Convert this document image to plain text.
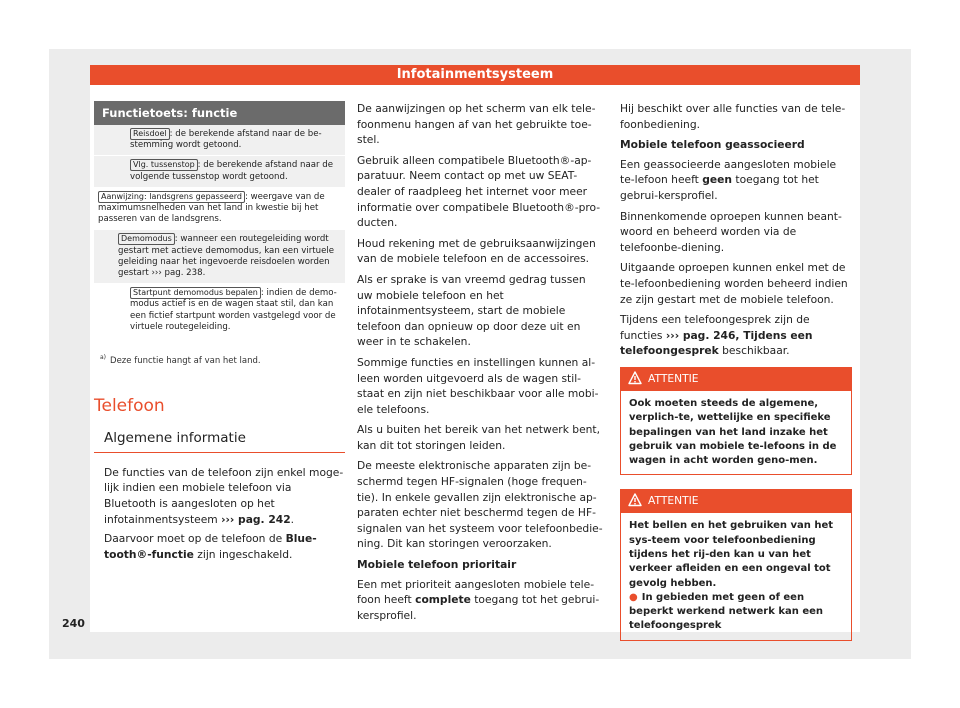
Infotainmentsysteem
Functietoets: functie
Reisdoel : de berekende afstand naar de be-stemming wordt getoond.
Vlg. tussenstop : de berekende afstand naar de volgende tussenstop wordt getoond.
Aanwijzing: landsgrens gepasseerd : weergave van de maximumsnelheden van het land in kwestie bij het passeren van de landsgrens.
Demomodus : wanneer een routegeleiding wordt gestart met actieve demomodus, kan een virtuele geleiding naar het ingevoerde reisdoelen worden gestart ››› pag. 238.
Startpunt demomodus bepalen : indien de demo-modus actief is en de wagen staat stil, dan kan een fictief startpunt worden vastgelegd voor de virtuele routegeleiding.
$^{a)}$ Deze functie hangt af van het land.
Telefoon
Algemene informatie
De functies van de telefoon zijn enkel moge-lijk indien een mobiele telefoon via Bluetooth is aangesloten op het infotainmentsysteem ››› pag. 242.
Daarvoor moet op de telefoon de Blue-tooth®-functie zijn ingeschakeld.

De aanwijzingen op het scherm van elk tele-foonmenu hangen af van het gebruikte toe-stel.

Gebruik alleen compatibele Bluetooth®-ap-paratuur. Neem contact op met uw SEAT-dealer of raadpleeg het internet voor meer informatie over compatibele Bluetooth®-pro-ducten.

Houd rekening met de gebruiksaanwijzingen van de mobiele telefoon en de accessoires.

Als er sprake is van vreemd gedrag tussen uw mobiele telefoon en het infotainmentsysteem, start de mobiele telefoon dan opnieuw op door deze uit en weer in te schakelen.

Sommige functies en instellingen kunnen al-leen worden uitgevoerd als de wagen stil-staat en zijn niet beschikbaar voor alle mobi-ele telefoons.

Als u buiten het bereik van het netwerk bent, kan dit tot storingen leiden.

De meeste elektronische apparaten zijn be-schermd tegen HF-signalen (hoge frequen-tie). In enkele gevallen zijn elektronische ap-paraten echter niet beschermd tegen de HF-signalen van het systeem voor telefoonbedie-ning. Dit kan storingen veroorzaken.

Mobiele telefoon prioritair

Een met prioriteit aangesloten mobiele tele-foon heeft complete toegang tot het gebrui-kersprofiel.

Hij beschikt over alle functies van de tele-foonbediening.

Mobiele telefoon geassocieerd

Een geassocieerde aangesloten mobiele te-lefoon heeft geen toegang tot het gebrui-kersprofiel.

Binnenkomende oproepen kunnen beant-woord en beheerd worden via de telefoonbe-diening.

Uitgaande oproepen kunnen enkel met de te-lefoonbediening worden beheerd indien ze zijn gestart met de mobiele telefoon.

Tijdens een telefoongesprek zijn de functies ››› pag. 246, Tijdens een telefoongesprek beschikbaar.

ATTENTIE
Ook moeten steeds de algemene, verplich-te, wettelijke en specifieke bepalingen van het land inzake het gebruik van mobiele te-lefoons in de wagen in acht worden geno-men.
ATTENTIE
Het bellen en het gebruiken van het sys-teem voor telefoonbediening tijdens het rij-den kan u van het verkeer afleiden en een ongeval tot gevolg hebben.
● In gebieden met geen of een beperkt werkend netwerk kan een telefoongesprek
240
